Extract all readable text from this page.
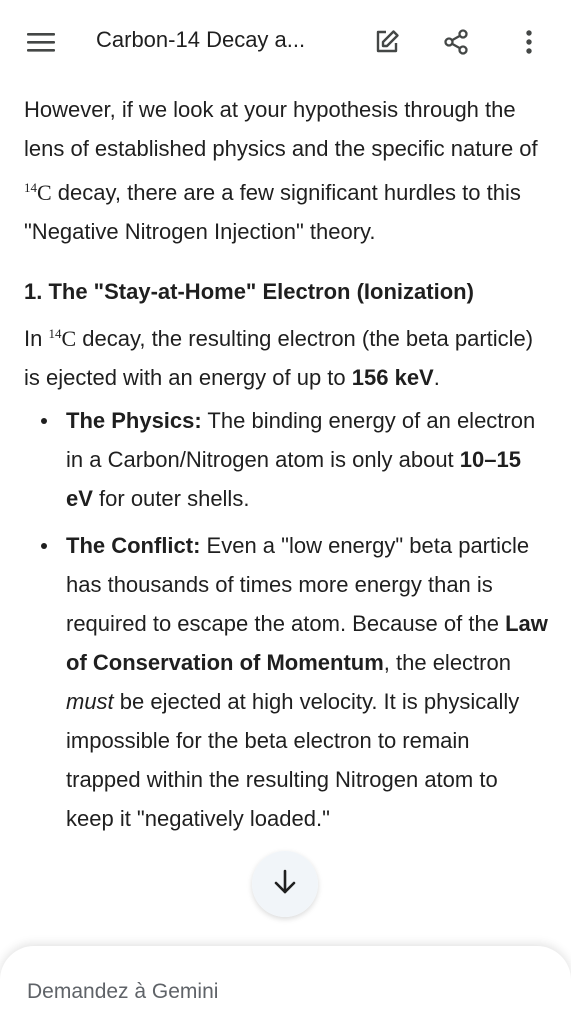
Carbon-14 Decay a...

However, if we look at your hypothesis through the lens of established physics and the specific nature of $^{14}$C decay, there are a few significant hurdles to this "Negative Nitrogen Injection" theory.

1. The "Stay-at-Home" Electron (Ionization)

In $^{14}$C decay, the resulting electron (the beta particle) is ejected with an energy of up to 156 keV.

The Physics: The binding energy of an electron in a Carbon/Nitrogen atom is only about 10–15 eV for outer shells.
The Conflict: Even a "low energy" beta particle has thousands of times more energy than is required to escape the atom. Because of the Law of Conservation of Momentum, the electron must be ejected at high velocity. It is physically impossible for the beta electron to remain trapped within the resulting Nitrogen atom to keep it "negatively loaded."
Demandez à Gemini
